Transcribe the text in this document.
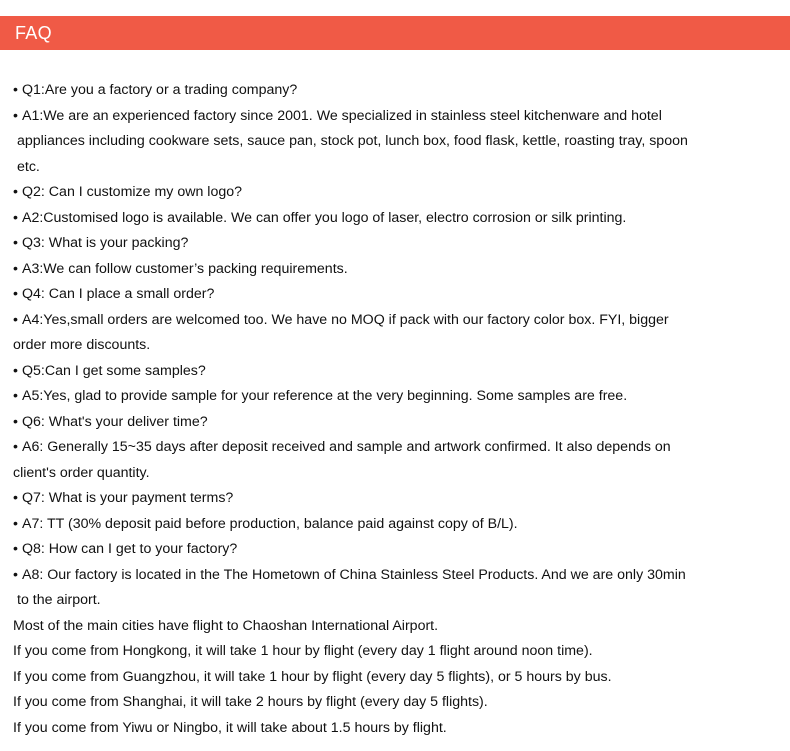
FAQ
• Q1:Are you a factory or a trading company?
• A1:We are an experienced factory since 2001. We specialized in stainless steel kitchenware and hotel
appliances including cookware sets, sauce pan, stock pot, lunch box, food flask, kettle, roasting tray, spoon
etc.
• Q2: Can I customize my own logo?
• A2:Customised logo is available. We can offer you logo of laser, electro corrosion or silk printing.
• Q3: What is your packing?
• A3:We can follow customer’s packing requirements.
• Q4: Can I place a small order?
• A4:Yes,small orders are welcomed too. We have no MOQ if pack with our factory color box. FYI, bigger
order more discounts.
• Q5:Can I get some samples?
• A5:Yes, glad to provide sample for your reference at the very beginning. Some samples are free.
• Q6: What's your deliver time?
• A6: Generally 15~35 days after deposit received and sample and artwork confirmed. It also depends on
client's order quantity.
• Q7: What is your payment terms?
• A7: TT (30% deposit paid before production, balance paid against copy of B/L).
• Q8: How can I get to your factory?
• A8: Our factory is located in the The Hometown of China Stainless Steel Products. And we are only 30min
to the airport.
Most of the main cities have flight to Chaoshan International Airport.
If you come from Hongkong, it will take 1 hour by flight (every day 1 flight around noon time).
If you come from Guangzhou, it will take 1 hour by flight (every day 5 flights), or 5 hours by bus.
If you come from Shanghai, it will take 2 hours by flight (every day 5 flights).
If you come from Yiwu or Ningbo, it will take about 1.5 hours by flight.
